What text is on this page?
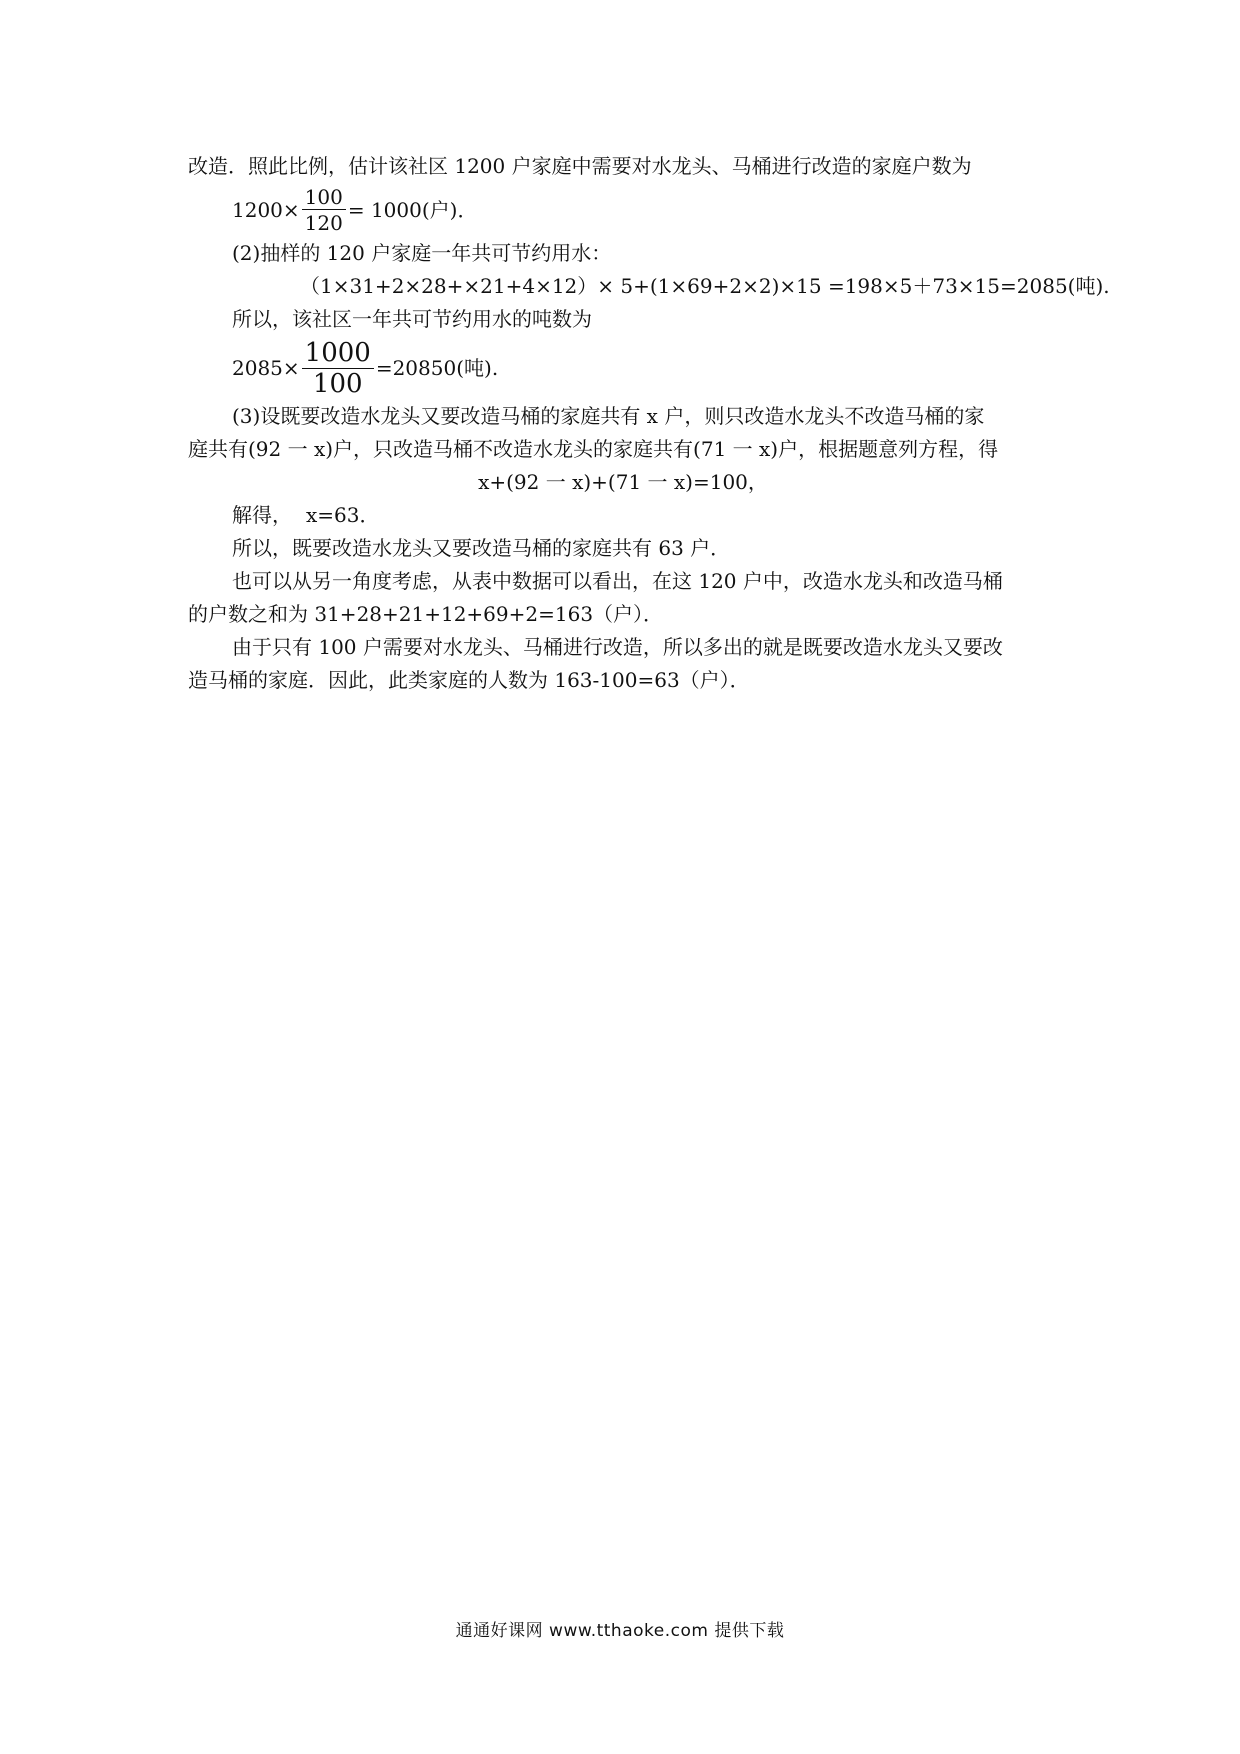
改造．照此比例，估计该社区 1200 户家庭中需要对水龙头、马桶进行改造的家庭户数为
$1200\times \frac{100}{120} = 1000$(户)．
(2)抽样的 120 户家庭一年共可节约用水：
（1×31+2×28+×21+4×12）× 5+(1×69+2×2)×15 =198×5＋73×15=2085(吨).
所以，该社区一年共可节约用水的吨数为
$2085\times \frac{1000}{100} =20850$(吨).
(3)设既要改造水龙头又要改造马桶的家庭共有 x 户，则只改造水龙头不改造马桶的家
庭共有(92 一 x)户，只改造马桶不改造水龙头的家庭共有(71 一 x)户，根据题意列方程，得
x+(92 一 x)+(71 一 x)=100，
解得， x=63．
所以，既要改造水龙头又要改造马桶的家庭共有 63 户．
也可以从另一角度考虑，从表中数据可以看出，在这 120 户中，改造水龙头和改造马桶
的户数之和为 31+28+21+12+69+2=163（户）．
由于只有 100 户需要对水龙头、马桶进行改造，所以多出的就是既要改造水龙头又要改
造马桶的家庭．因此，此类家庭的人数为 163-100=63（户）．
通通好课网 www.tthaoke.com 提供下载
